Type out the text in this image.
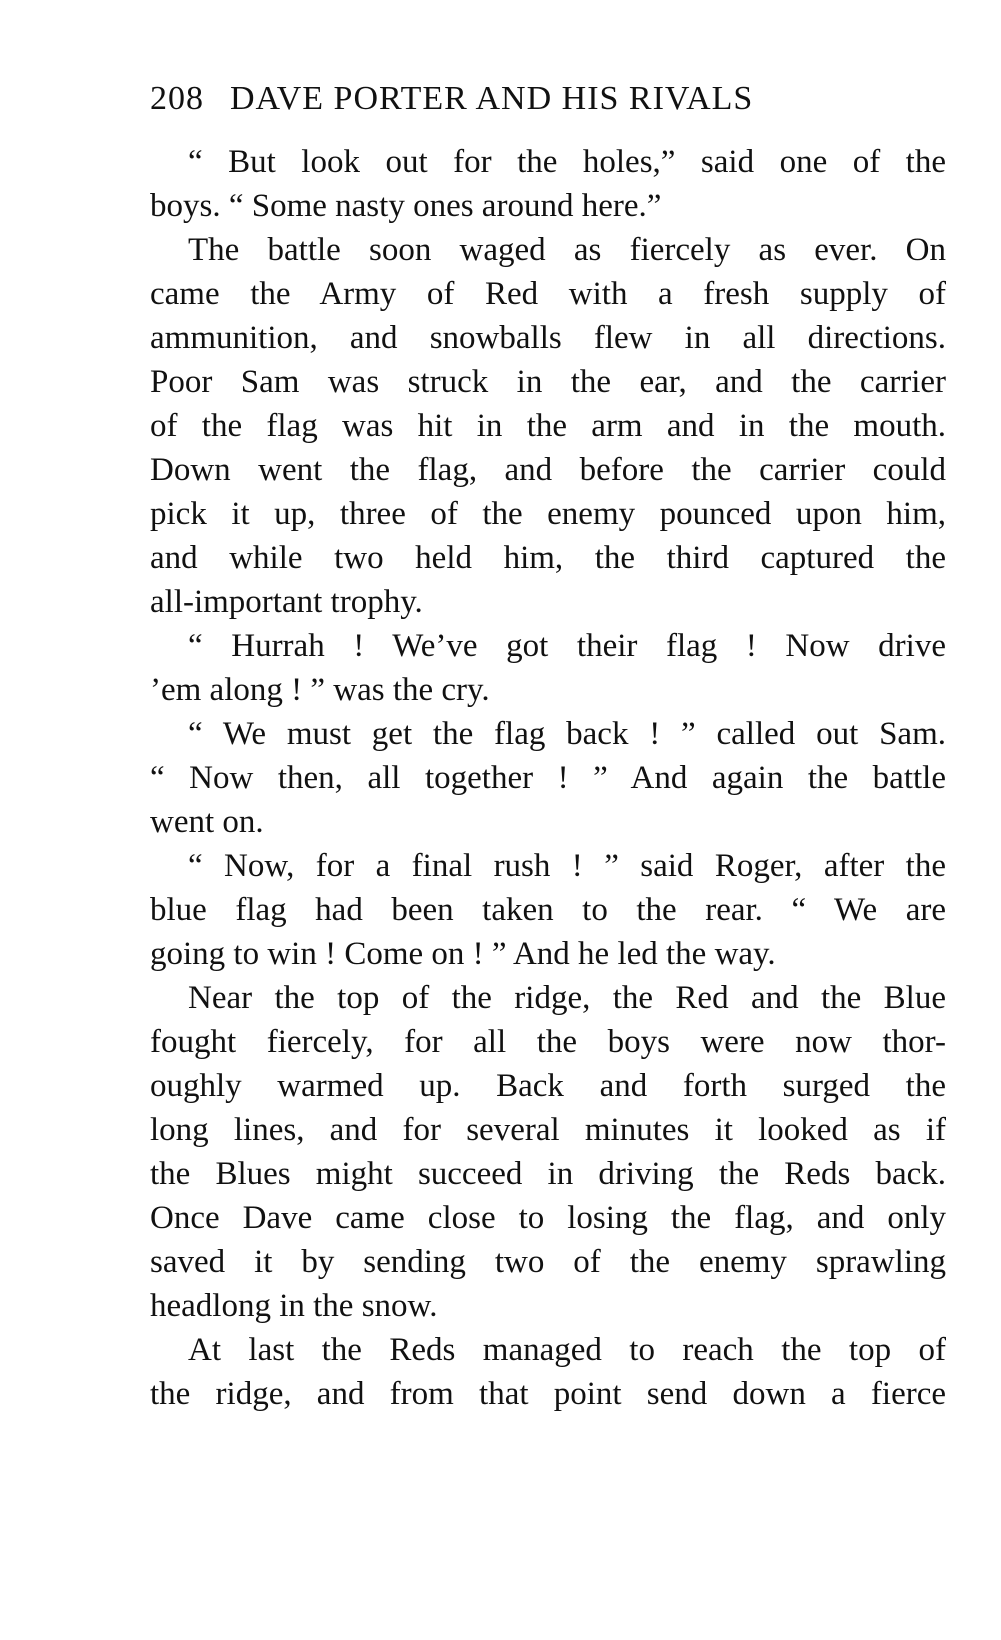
208 DAVE PORTER AND HIS RIVALS
“ But look out for the holes,” said one of the
boys. “ Some nasty ones around here.”
The battle soon waged as fiercely as ever. On
came the Army of Red with a fresh supply of
ammunition, and snowballs flew in all directions.
Poor Sam was struck in the ear, and the carrier
of the flag was hit in the arm and in the mouth.
Down went the flag, and before the carrier could
pick it up, three of the enemy pounced upon him,
and while two held him, the third captured the
all-important trophy.
“ Hurrah ! We’ve got their flag ! Now drive
’em along ! ” was the cry.
“ We must get the flag back ! ” called out Sam.
“ Now then, all together ! ” And again the battle
went on.
“ Now, for a final rush ! ” said Roger, after the
blue flag had been taken to the rear. “ We are
going to win ! Come on ! ” And he led the way.
Near the top of the ridge, the Red and the Blue
fought fiercely, for all the boys were now thor-
oughly warmed up. Back and forth surged the
long lines, and for several minutes it looked as if
the Blues might succeed in driving the Reds back.
Once Dave came close to losing the flag, and only
saved it by sending two of the enemy sprawling
headlong in the snow.
At last the Reds managed to reach the top of
the ridge, and from that point send down a fierce
